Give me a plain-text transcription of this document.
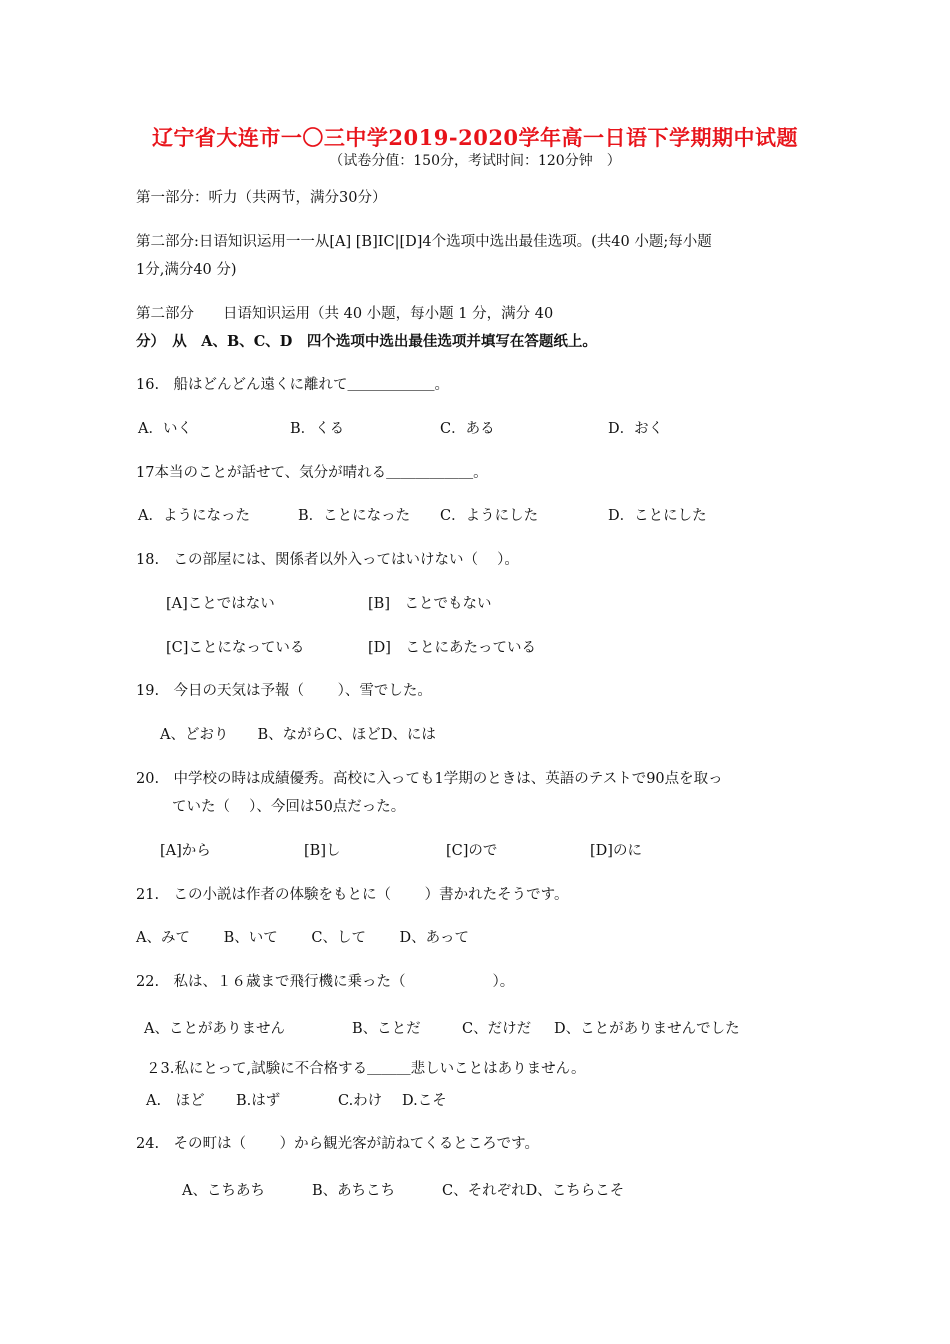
辽宁省大连市一〇三中学2019-2020学年高一日语下学期期中试题
（试卷分值：150分，考试时间：120分钟　）
第一部分：听力（共两节，满分30分）
第二部分:日语知识运用一一从[A] [B]IC|[D]4个选项中选出最佳选项。(共40 小题;每小题
1分,满分40 分)
第二部分　　日语知识运用（共 40 小题，每小题 1 分，满分 40
分）　从　A、B、C、D　四个选项中选出最佳选项并填写在答题纸上。
16.　船はどんどん遠くに離れて＿＿＿＿＿＿。
A．いく	B．くる	C．ある	D．おく
17本当のことが話せて、気分が晴れる＿＿＿＿＿＿。
A．ようになった	B．ことになった C．ようにした	D．ことにした
18.　この部屋には、関係者以外入ってはいけない（　 ）。
[A]ことではない	[B]　ことでもない
[C]ことになっている	[D]　ことにあたっている
19.　今日の天気は予報（　　 ）、雪でした。
A、どおり　　B、ながらC、ほどD、には
20.　中学校の時は成績優秀。高校に入っても1学期のときは、英語のテストで90点を取っ
ていた（　 ）、今回は50点だった。
[A]から	[B]し	[C]ので	[D]のに
21.　この小説は作者の体験をもとに（　　 ）書かれたそうです。
A、みて　　 B、いて　　 C、して　　 D、あって
22.　私は、１６歳まで飛行機に乗った（　　　　　　）。
A、ことがありません	B、ことだ	C、だけだ D、ことがありませんでした
２3.私にとって,試験に不合格する＿＿＿悲しいことはありません。
A.　ほど B.はず	C.わけ D.こそ
24.　その町は（　　 ）から観光客が訪ねてくるところです。
A、こちあち	B、あちこち	C、それぞれD、こちらこそ
